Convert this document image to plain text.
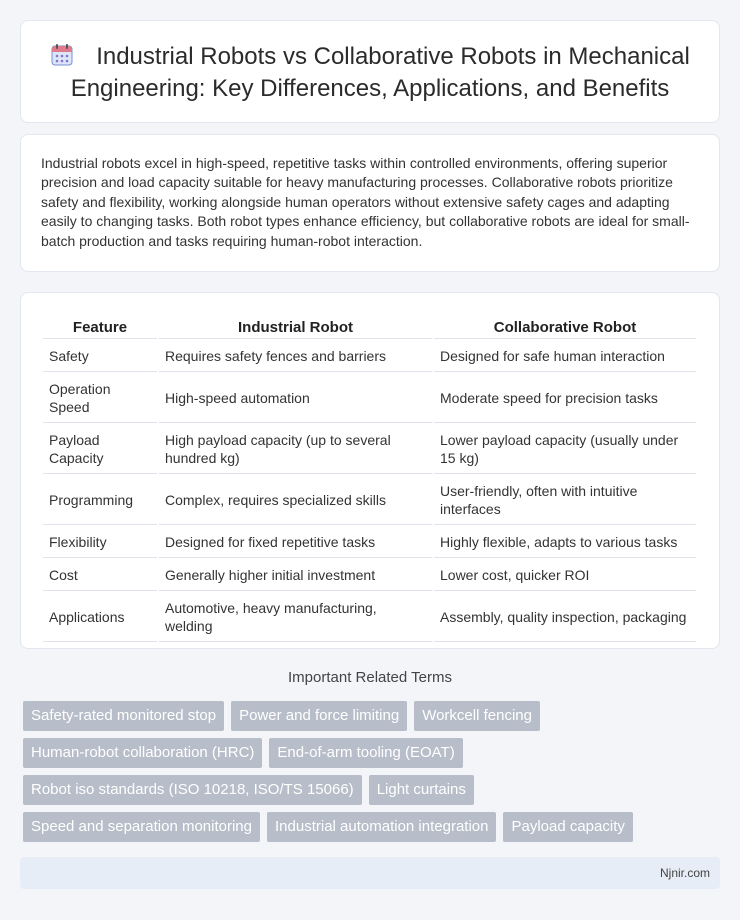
Industrial Robots vs Collaborative Robots in Mechanical Engineering: Key Differences, Applications, and Benefits

Industrial robots excel in high-speed, repetitive tasks within controlled environments, offering superior precision and load capacity suitable for heavy manufacturing processes. Collaborative robots prioritize safety and flexibility, working alongside human operators without extensive safety cages and adapting easily to changing tasks. Both robot types enhance efficiency, but collaborative robots are ideal for small-batch production and tasks requiring human-robot interaction.

Feature	Industrial Robot	Collaborative Robot
Safety	Requires safety fences and barriers	Designed for safe human interaction
Operation Speed	High-speed automation	Moderate speed for precision tasks
Payload Capacity	High payload capacity (up to several hundred kg)	Lower payload capacity (usually under 15 kg)
Programming	Complex, requires specialized skills	User-friendly, often with intuitive interfaces
Flexibility	Designed for fixed repetitive tasks	Highly flexible, adapts to various tasks
Cost	Generally higher initial investment	Lower cost, quicker ROI
Applications	Automotive, heavy manufacturing, welding	Assembly, quality inspection, packaging
Important Related Terms
Safety-rated monitored stop	Power and force limiting	Workcell fencing
Human-robot collaboration (HRC)	End-of-arm tooling (EOAT)
Robot iso standards (ISO 10218, ISO/TS 15066)	Light curtains
Speed and separation monitoring	Industrial automation integration	Payload capacity
Njnir.com
